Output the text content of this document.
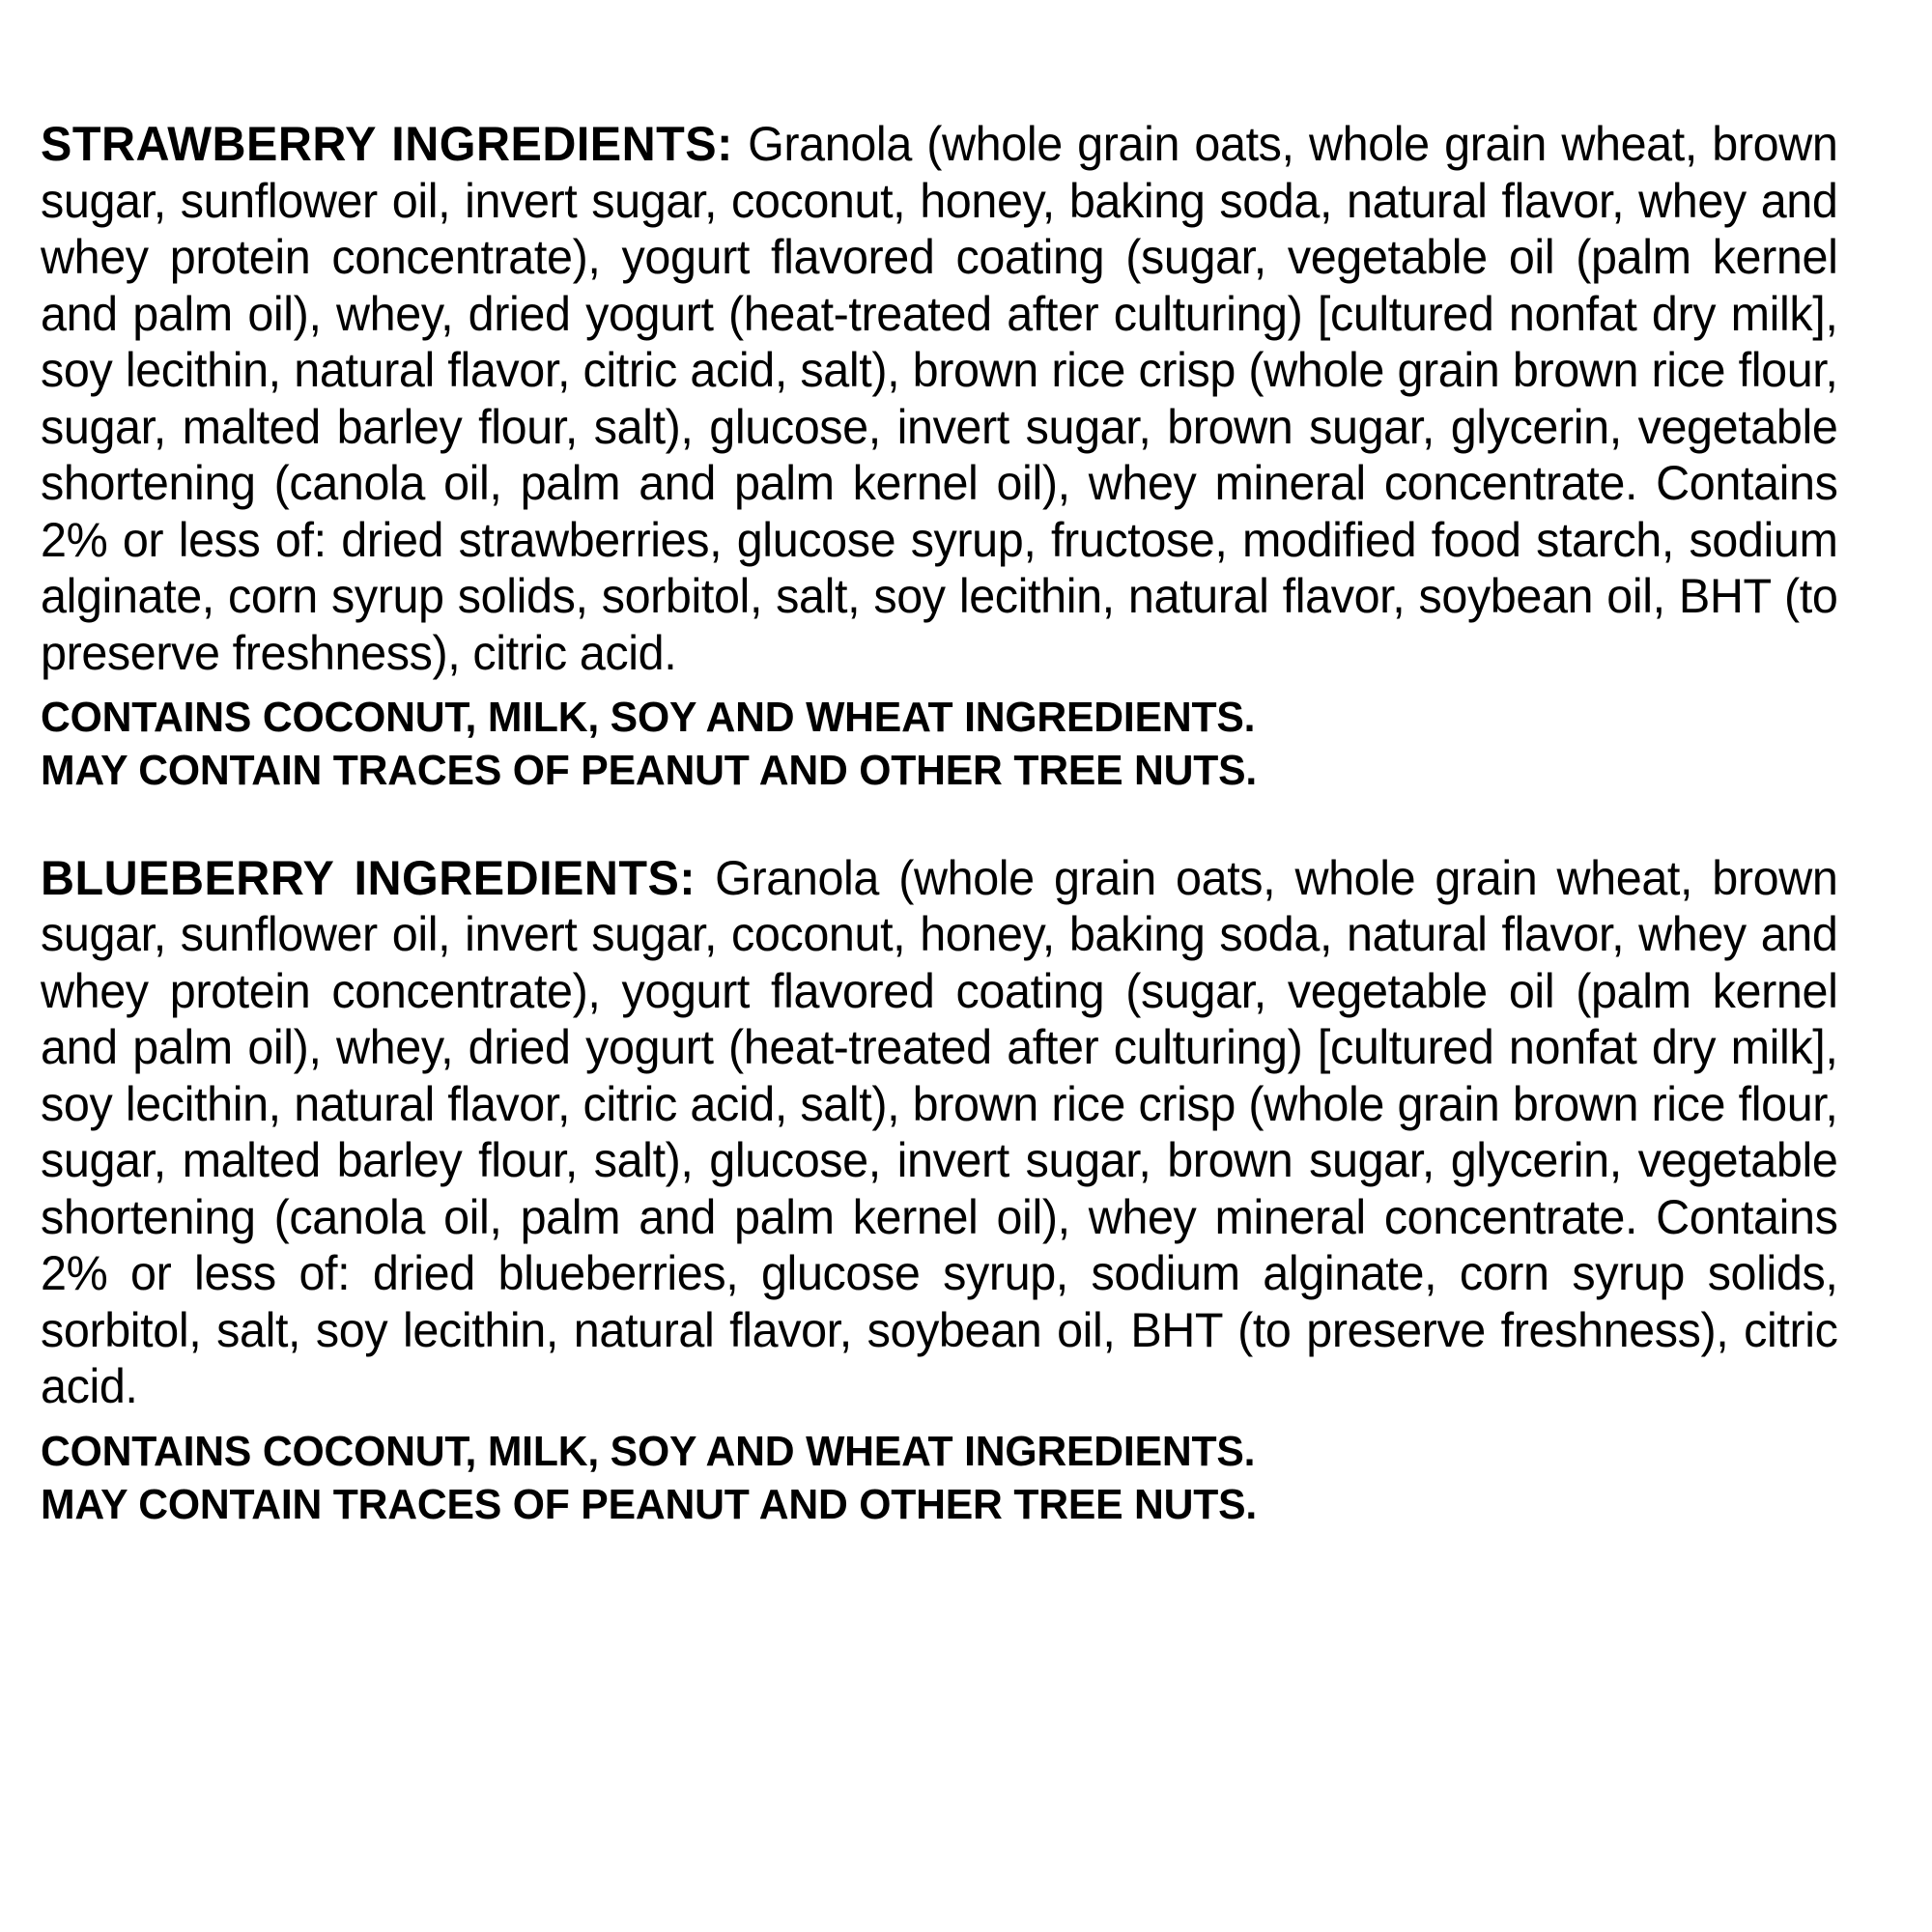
STRAWBERRY INGREDIENTS: Granola (whole grain oats, whole grain wheat, brown sugar, sunflower oil, invert sugar, coconut, honey, baking soda, natural flavor, whey and whey protein concentrate), yogurt flavored coating (sugar, vegetable oil (palm kernel and palm oil), whey, dried yogurt (heat-treated after culturing) [cultured nonfat dry milk], soy lecithin, natural flavor, citric acid, salt), brown rice crisp (whole grain brown rice flour, sugar, malted barley flour, salt), glucose, invert sugar, brown sugar, glycerin, vegetable shortening (canola oil, palm and palm kernel oil), whey mineral concentrate. Contains 2% or less of: dried strawberries, glucose syrup, fructose, modified food starch, sodium alginate, corn syrup solids, sorbitol, salt, soy lecithin, natural flavor, soybean oil, BHT (to preserve freshness), citric acid.

CONTAINS COCONUT, MILK, SOY AND WHEAT INGREDIENTS.

MAY CONTAIN TRACES OF PEANUT AND OTHER TREE NUTS.

BLUEBERRY INGREDIENTS: Granola (whole grain oats, whole grain wheat, brown sugar, sunflower oil, invert sugar, coconut, honey, baking soda, natural flavor, whey and whey protein concentrate), yogurt flavored coating (sugar, vegetable oil (palm kernel and palm oil), whey, dried yogurt (heat-treated after culturing) [cultured nonfat dry milk], soy lecithin, natural flavor, citric acid, salt), brown rice crisp (whole grain brown rice flour, sugar, malted barley flour, salt), glucose, invert sugar, brown sugar, glycerin, vegetable shortening (canola oil, palm and palm kernel oil), whey mineral concentrate. Contains 2% or less of: dried blueberries, glucose syrup, sodium alginate, corn syrup solids, sorbitol, salt, soy lecithin, natural flavor, soybean oil, BHT (to preserve freshness), citric acid.

CONTAINS COCONUT, MILK, SOY AND WHEAT INGREDIENTS.

MAY CONTAIN TRACES OF PEANUT AND OTHER TREE NUTS.
